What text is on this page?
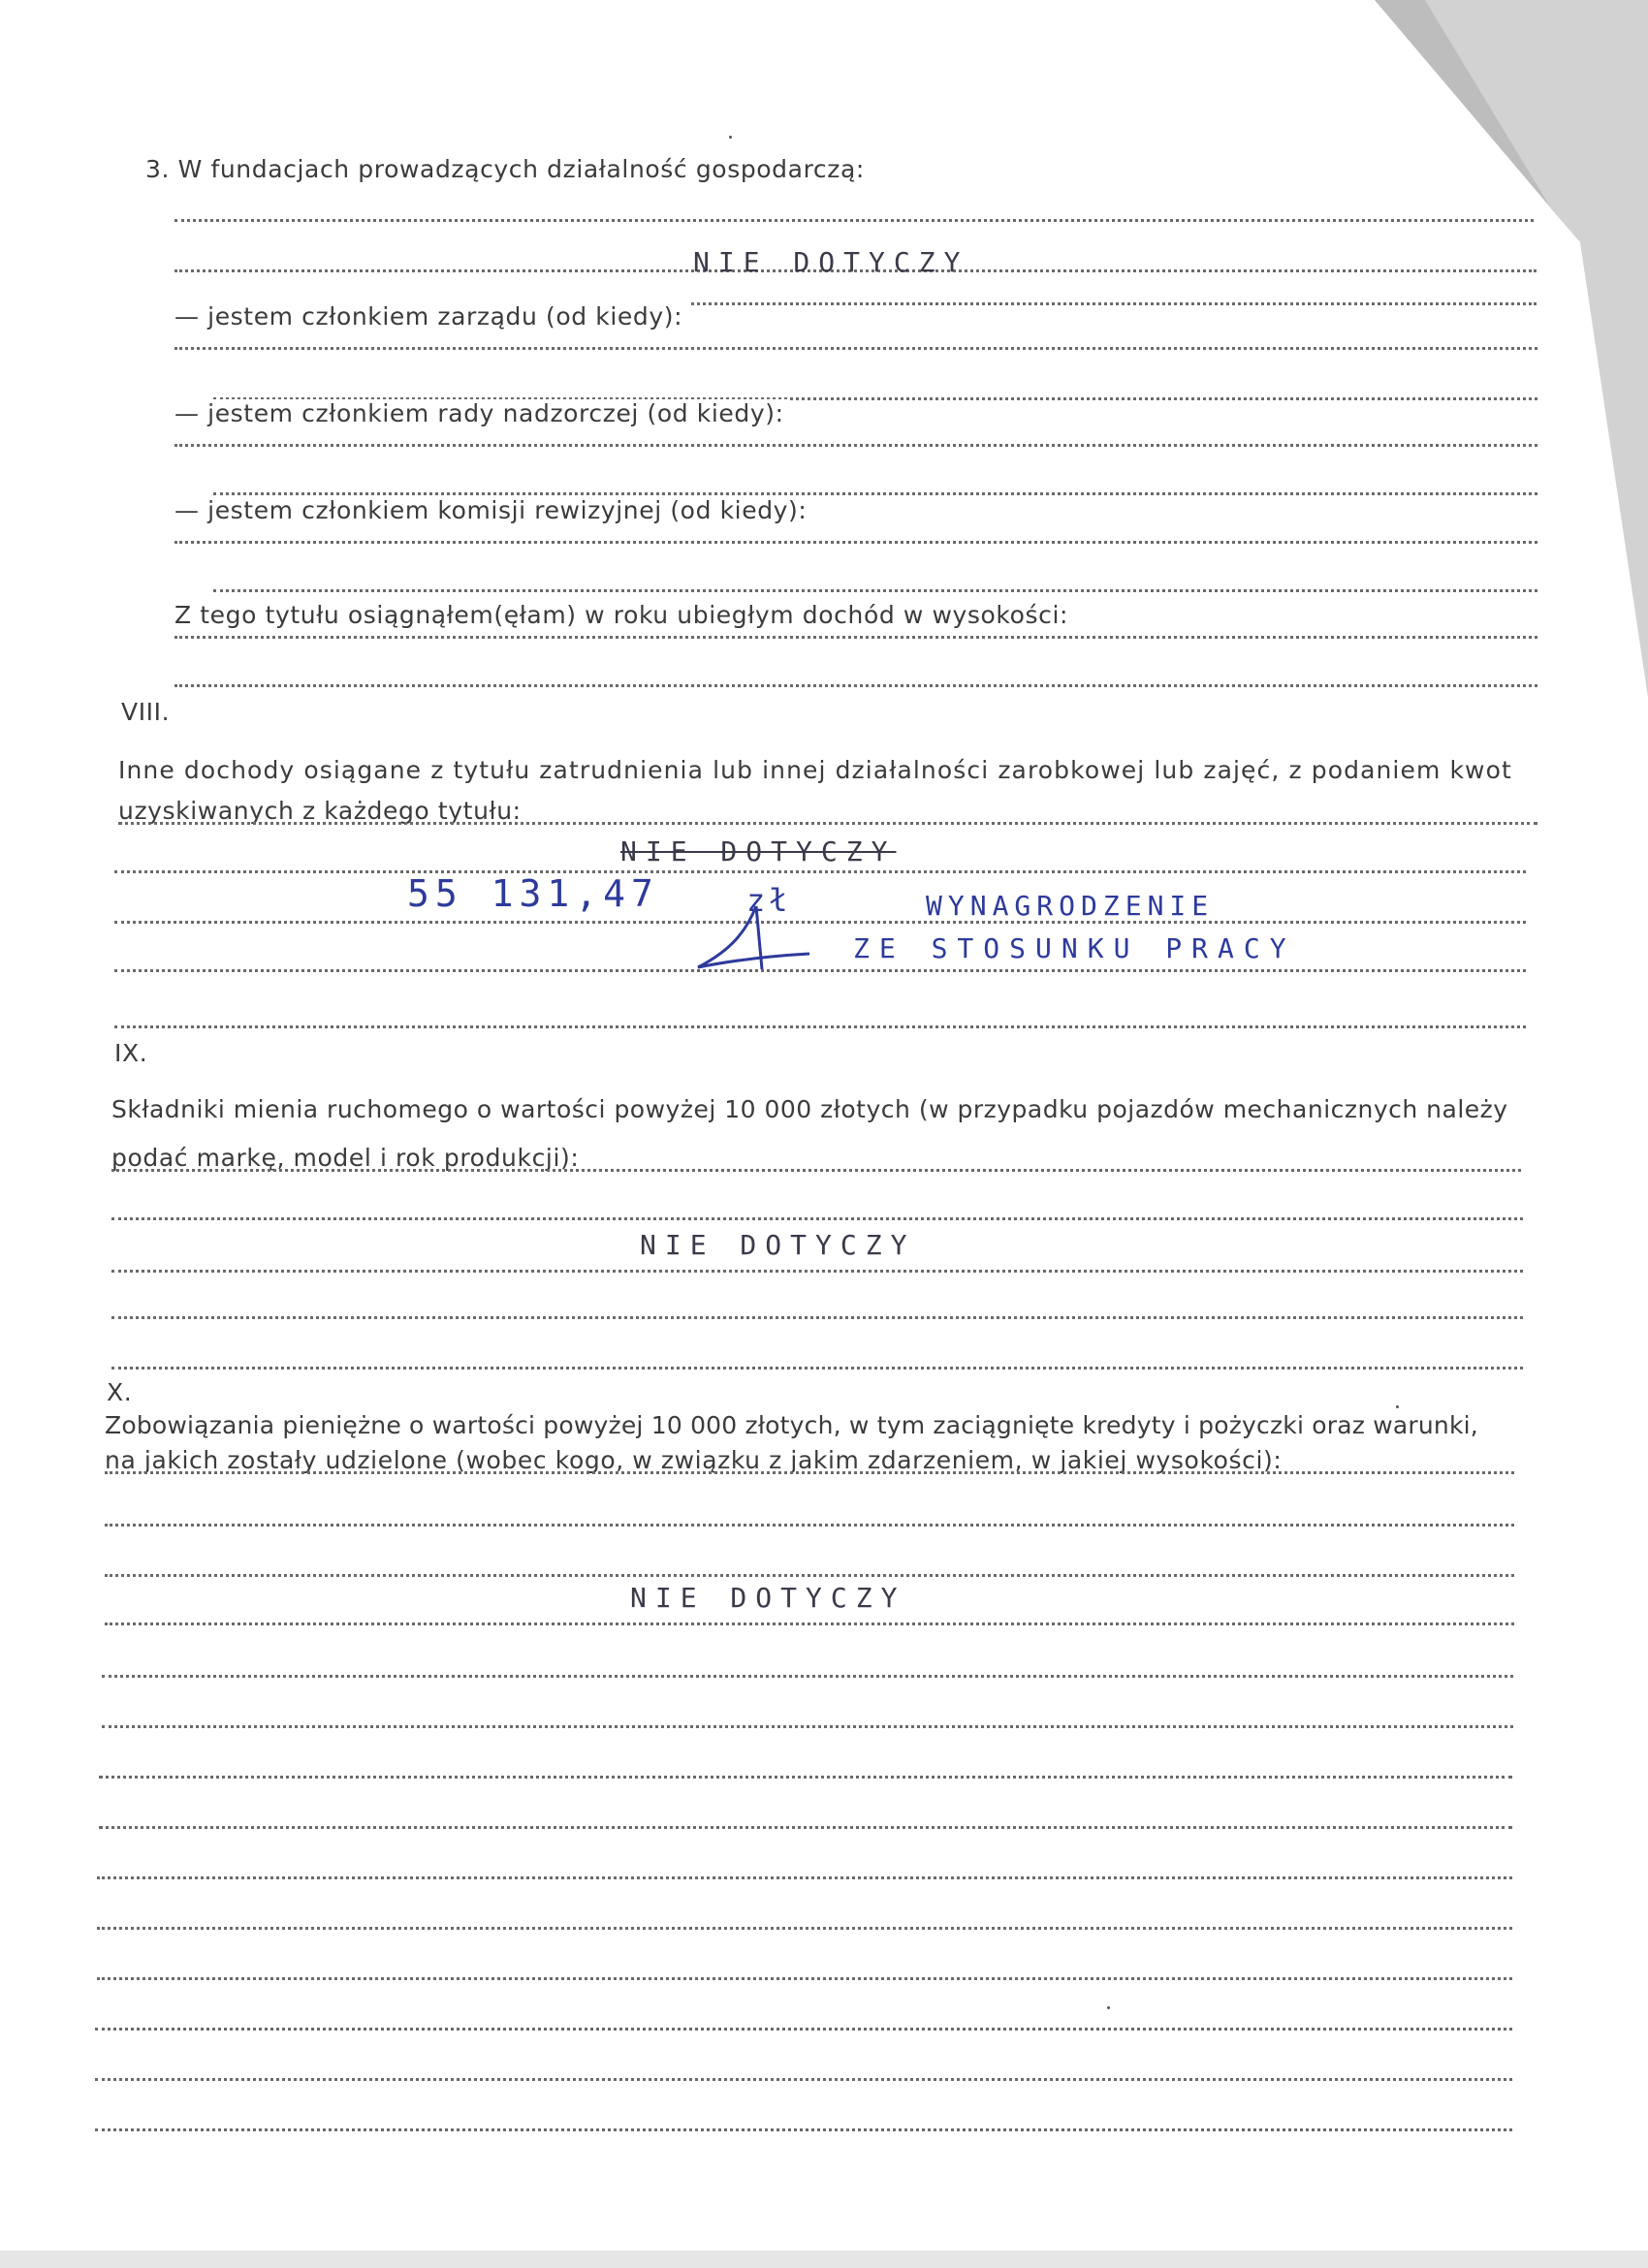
3. W fundacjach prowadzących działalność gospodarczą:
NIE DOTYCZY
— jestem członkiem zarządu (od kiedy):
— jestem członkiem rady nadzorczej (od kiedy):
— jestem członkiem komisji rewizyjnej (od kiedy):
Z tego tytułu osiągnąłem(ęłam) w roku ubiegłym dochód w wysokości:
VIII.
Inne dochody osiągane z tytułu zatrudnienia lub innej działalności zarobkowej lub zajęć, z podaniem kwot
uzyskiwanych z każdego tytułu:
NIE DOTYCZY
55 131,47	zł	WYNAGRODZENIE
ZE STOSUNKU PRACY
IX.
Składniki mienia ruchomego o wartości powyżej 10 000 złotych (w przypadku pojazdów mechanicznych należy
podać markę, model i rok produkcji):
NIE DOTYCZY
X.
Zobowiązania pieniężne o wartości powyżej 10 000 złotych, w tym zaciągnięte kredyty i pożyczki oraz warunki,
na jakich zostały udzielone (wobec kogo, w związku z jakim zdarzeniem, w jakiej wysokości):
NIE DOTYCZY
